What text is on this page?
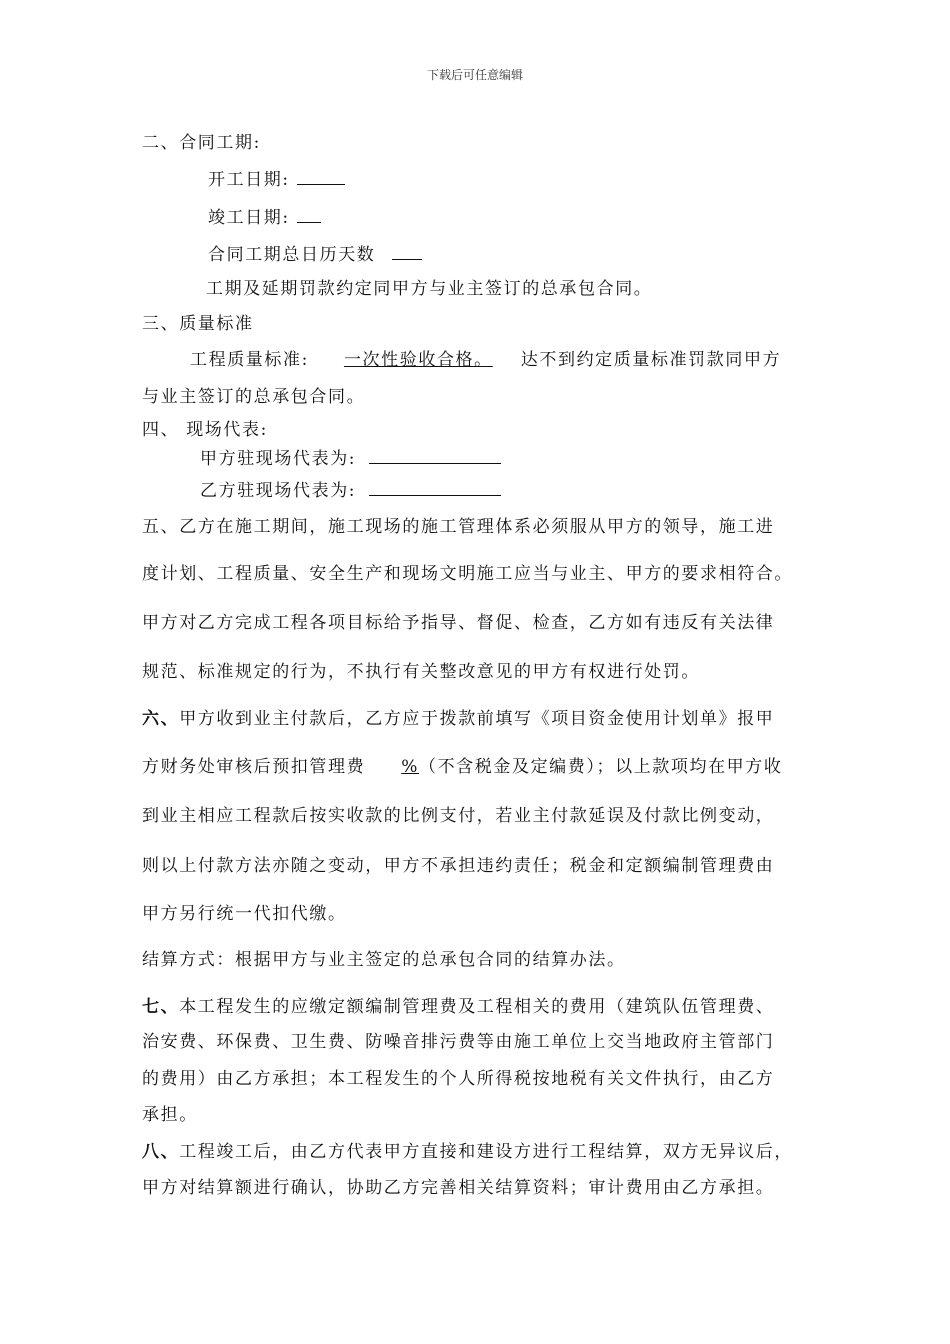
下载后可任意编辑
二、合同工期:
开工日期:
竣工日期:
合同工期总日历天数
工期及延期罚款约定同甲方与业主签订的总承包合同。
三、质量标准
工程质量标准: 一次性验收合格。 达不到约定质量标准罚款同甲方
与业主签订的总承包合同。
四、 现场代表:
甲方驻现场代表为:
乙方驻现场代表为:
五、乙方在施工期间，施工现场的施工管理体系必须服从甲方的领导，施工进
度计划、工程质量、安全生产和现场文明施工应当与业主、甲方的要求相符合。
甲方对乙方完成工程各项目标给予指导、督促、检查，乙方如有违反有关法律
规范、标准规定的行为，不执行有关整改意见的甲方有权进行处罚。
六、甲方收到业主付款后，乙方应于拨款前填写《项目资金使用计划单》报甲
方财务处审核后预扣管理费 %（不含税金及定编费）；以上款项均在甲方收
到业主相应工程款后按实收款的比例支付，若业主付款延误及付款比例变动，
则以上付款方法亦随之变动，甲方不承担违约责任；税金和定额编制管理费由
甲方另行统一代扣代缴。
结算方式：根据甲方与业主签定的总承包合同的结算办法。
七、本工程发生的应缴定额编制管理费及工程相关的费用（建筑队伍管理费、
治安费、环保费、卫生费、防噪音排污费等由施工单位上交当地政府主管部门
的费用）由乙方承担；本工程发生的个人所得税按地税有关文件执行，由乙方
承担。
八、工程竣工后，由乙方代表甲方直接和建设方进行工程结算，双方无异议后，
甲方对结算额进行确认，协助乙方完善相关结算资料；审计费用由乙方承担。
